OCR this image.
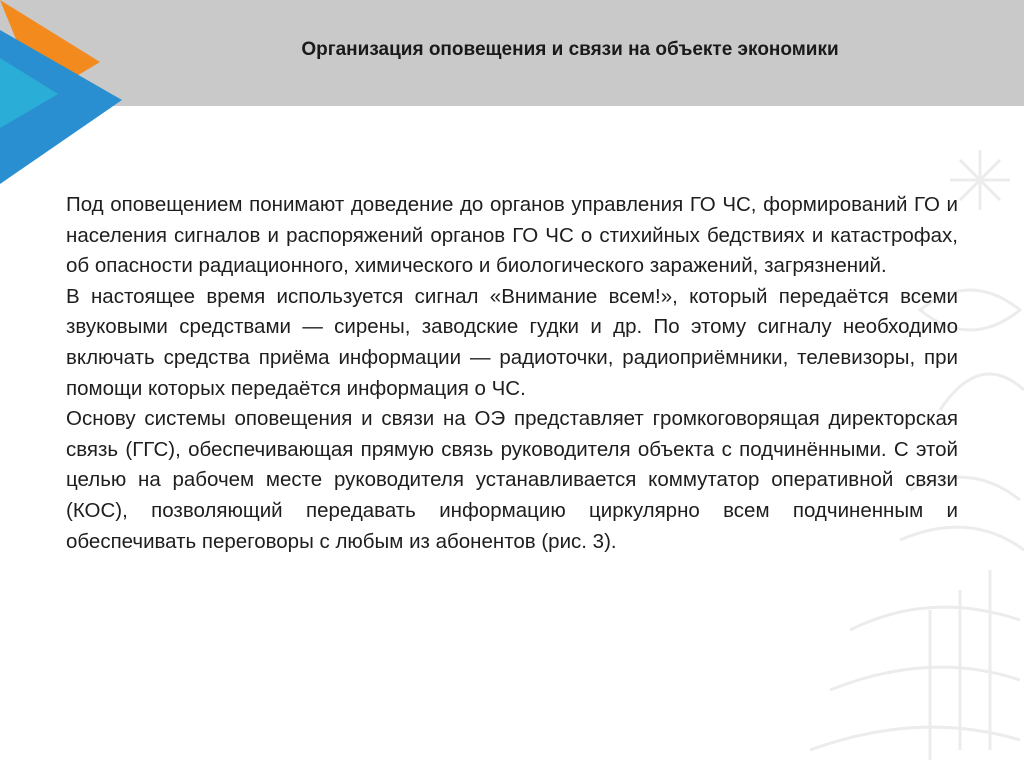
Организация оповещения и связи на объекте экономики

Под оповещением понимают доведение до органов управления ГО ЧС, формирований ГО и населения сигналов и распоряжений органов ГО ЧС о стихийных бедствиях и катастрофах, об опасности радиационного, химического и биологического заражений, загрязнений.

В настоящее время используется сигнал «Внимание всем!», который передаётся всеми звуковыми средствами — сирены, заводские гудки и др. По этому сигналу необходимо включать средства приёма информации — радиоточки, радиоприёмники, телевизоры, при помощи которых передаётся информация о ЧС.

Основу системы оповещения и связи на ОЭ представляет громкоговорящая директорская связь (ГГС), обеспечивающая прямую связь руководителя объекта с подчинёнными. С этой целью на рабочем месте руководителя устанавливается коммутатор оперативной связи (КОС), позволяющий передавать информацию циркулярно всем подчиненным и обеспечивать переговоры с любым из абонентов (рис. 3).
